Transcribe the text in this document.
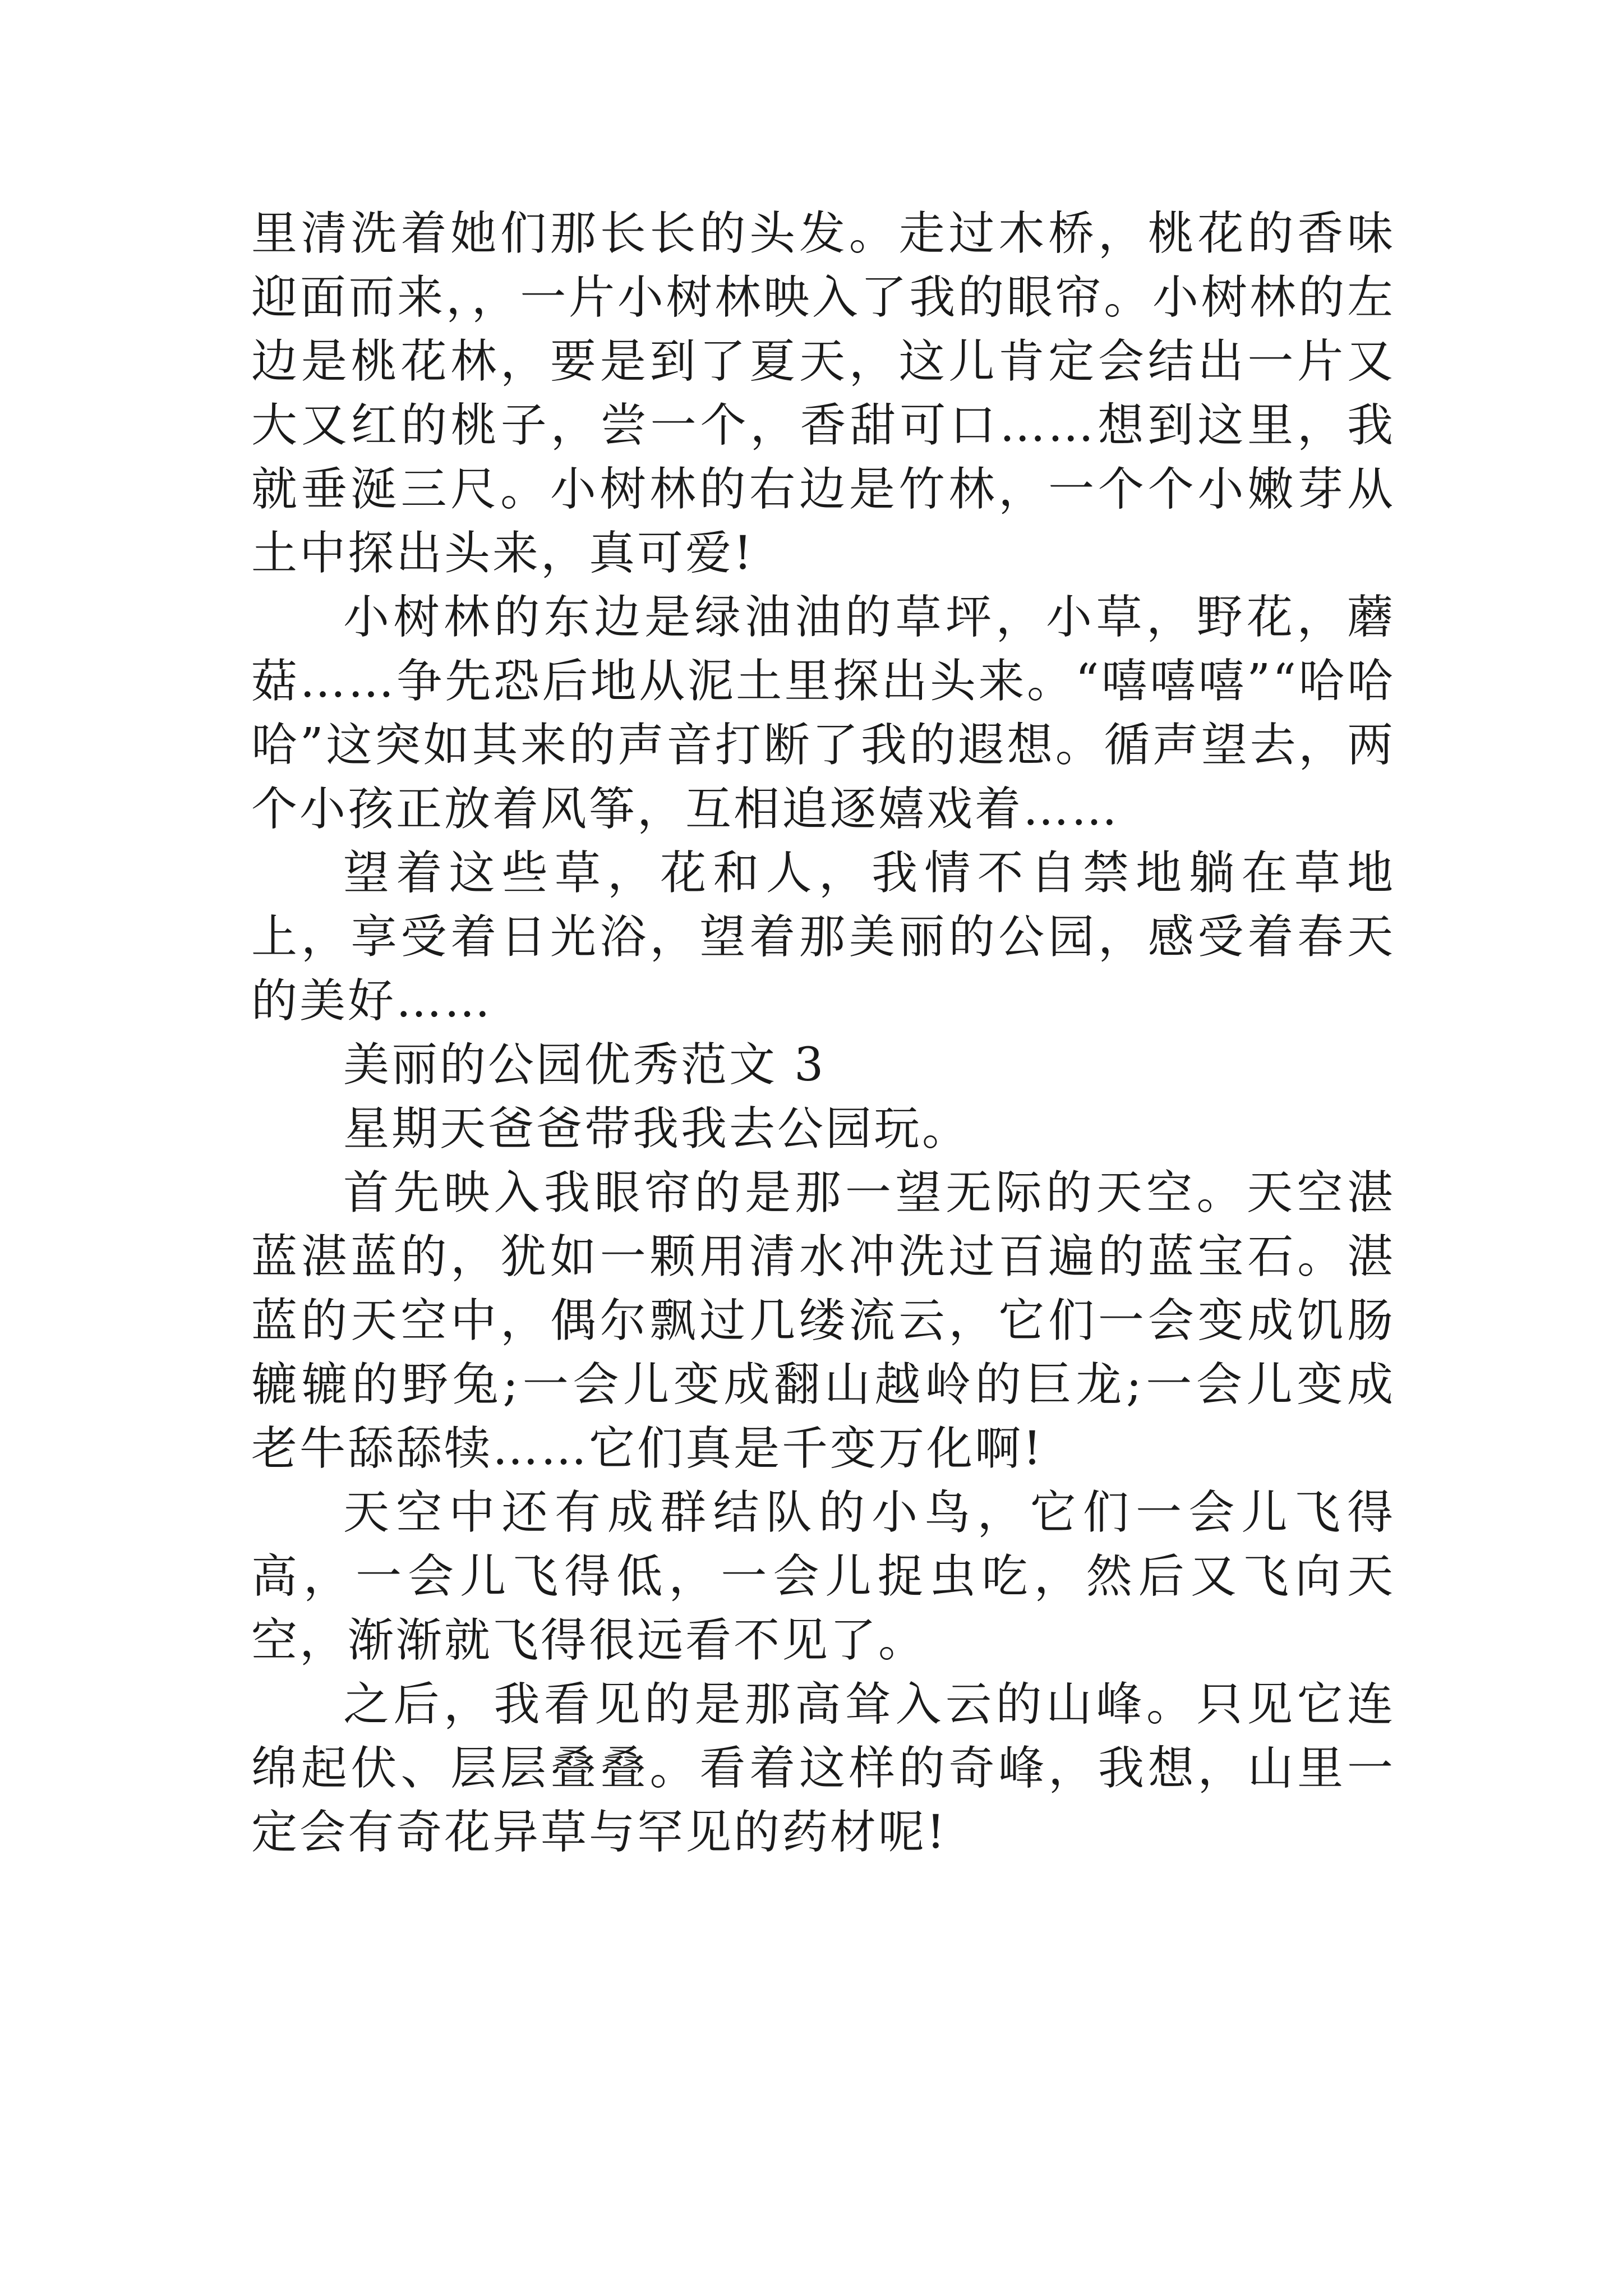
里清洗着她们那长长的头发。走过木桥，桃花的香味迎面而来，，一片小树林映入了我的眼帘。小树林的左边是桃花林，要是到了夏天，这儿肯定会结出一片又大又红的桃子，尝一个，香甜可口……想到这里，我就垂涎三尺。小树林的右边是竹林，一个个小嫩芽从土中探出头来，真可爱!

小树林的东边是绿油油的草坪，小草，野花，蘑菇……争先恐后地从泥土里探出头来。“嘻嘻嘻”“哈哈哈”这突如其来的声音打断了我的遐想。循声望去，两个小孩正放着风筝，互相追逐嬉戏着……

望着这些草，花和人，我情不自禁地躺在草地上，享受着日光浴，望着那美丽的公园，感受着春天的美好……

美丽的公园优秀范文 3

星期天爸爸带我我去公园玩。

首先映入我眼帘的是那一望无际的天空。天空湛蓝湛蓝的，犹如一颗用清水冲洗过百遍的蓝宝石。湛蓝的天空中，偶尔飘过几缕流云，它们一会变成饥肠辘辘的野兔;一会儿变成翻山越岭的巨龙;一会儿变成老牛舔舔犊……它们真是千变万化啊!

天空中还有成群结队的小鸟，它们一会儿飞得高，一会儿飞得低，一会儿捉虫吃，然后又飞向天空，渐渐就飞得很远看不见了。

之后，我看见的是那高耸入云的山峰。只见它连绵起伏、层层叠叠。看着这样的奇峰，我想，山里一定会有奇花异草与罕见的药材呢!
